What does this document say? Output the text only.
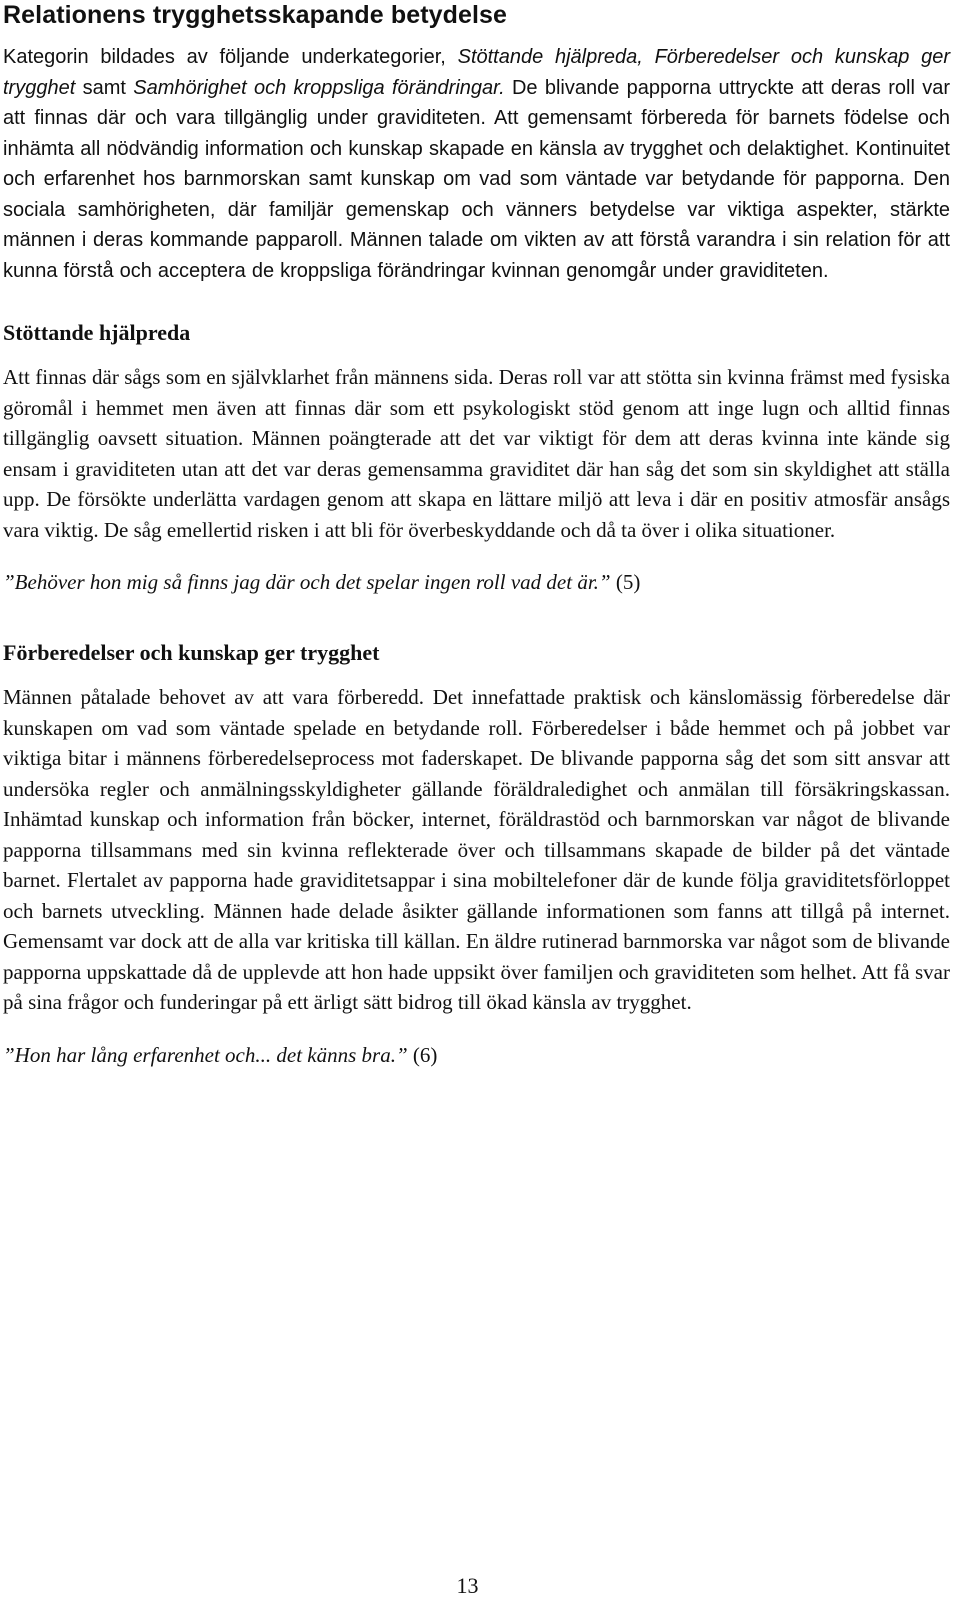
Relationens trygghetsskapande betydelse

Kategorin bildades av följande underkategorier, Stöttande hjälpreda, Förberedelser och kunskap ger trygghet samt Samhörighet och kroppsliga förändringar. De blivande papporna uttryckte att deras roll var att finnas där och vara tillgänglig under graviditeten. Att gemensamt förbereda för barnets födelse och inhämta all nödvändig information och kunskap skapade en känsla av trygghet och delaktighet. Kontinuitet och erfarenhet hos barnmorskan samt kunskap om vad som väntade var betydande för papporna. Den sociala samhörigheten, där familjär gemenskap och vänners betydelse var viktiga aspekter, stärkte männen i deras kommande papparoll. Männen talade om vikten av att förstå varandra i sin relation för att kunna förstå och acceptera de kroppsliga förändringar kvinnan genomgår under graviditeten.

Stöttande hjälpreda

Att finnas där sågs som en självklarhet från männens sida. Deras roll var att stötta sin kvinna främst med fysiska göromål i hemmet men även att finnas där som ett psykologiskt stöd genom att inge lugn och alltid finnas tillgänglig oavsett situation. Männen poängterade att det var viktigt för dem att deras kvinna inte kände sig ensam i graviditeten utan att det var deras gemensamma graviditet där han såg det som sin skyldighet att ställa upp. De försökte underlätta vardagen genom att skapa en lättare miljö att leva i där en positiv atmosfär ansågs vara viktig. De såg emellertid risken i att bli för överbeskyddande och då ta över i olika situationer.

”Behöver hon mig så finns jag där och det spelar ingen roll vad det är.” (5)

Förberedelser och kunskap ger trygghet

Männen påtalade behovet av att vara förberedd. Det innefattade praktisk och känslomässig förberedelse där kunskapen om vad som väntade spelade en betydande roll. Förberedelser i både hemmet och på jobbet var viktiga bitar i männens förberedelseprocess mot faderskapet. De blivande papporna såg det som sitt ansvar att undersöka regler och anmälningsskyldigheter gällande föräldraledighet och anmälan till försäkringskassan. Inhämtad kunskap och information från böcker, internet, föräldrastöd och barnmorskan var något de blivande papporna tillsammans med sin kvinna reflekterade över och tillsammans skapade de bilder på det väntade barnet. Flertalet av papporna hade graviditetsappar i sina mobiltelefoner där de kunde följa graviditetsförloppet och barnets utveckling. Männen hade delade åsikter gällande informationen som fanns att tillgå på internet. Gemensamt var dock att de alla var kritiska till källan. En äldre rutinerad barnmorska var något som de blivande papporna uppskattade då de upplevde att hon hade uppsikt över familjen och graviditeten som helhet. Att få svar på sina frågor och funderingar på ett ärligt sätt bidrog till ökad känsla av trygghet.

”Hon har lång erfarenhet och... det känns bra.” (6)

13
